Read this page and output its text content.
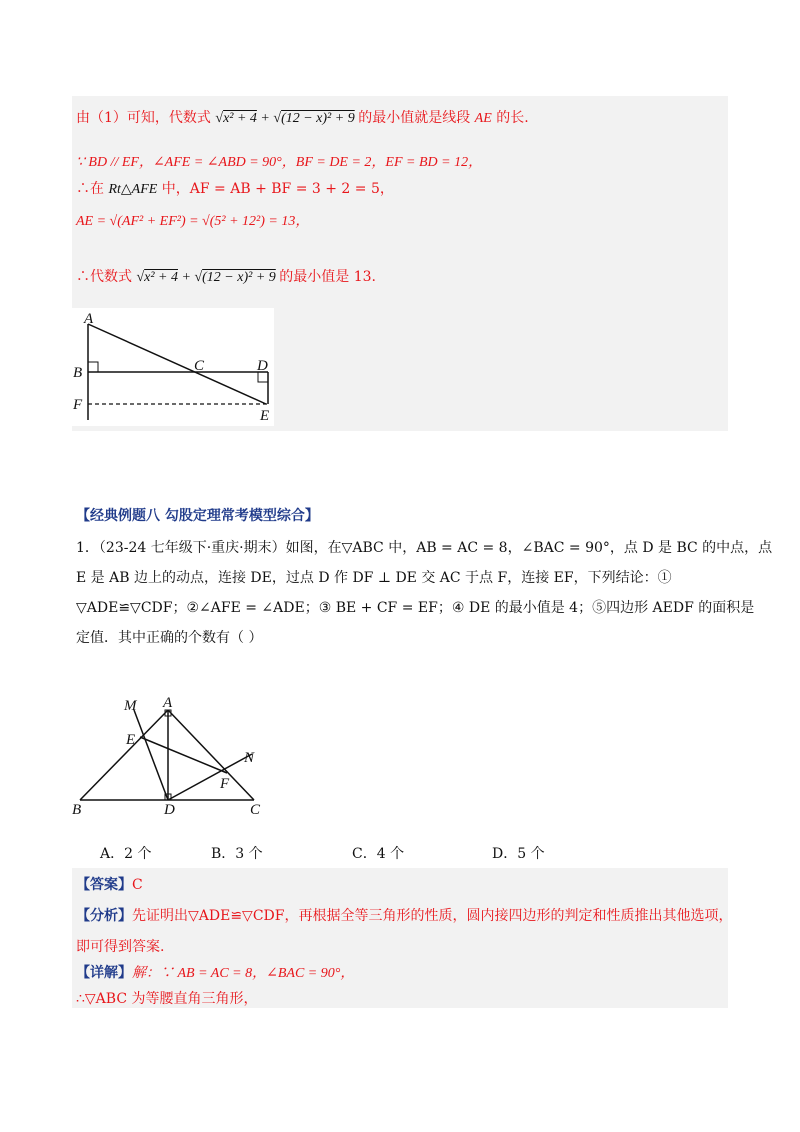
由（1）可知，代数式 √x² + 4 + √(12 − x)² + 9 的最小值就是线段 AE 的长.
∵ BD // EF，∠AFE = ∠ABD = 90°，BF = DE = 2，EF = BD = 12，
∴在 Rt△AFE 中，AF = AB + BF = 3 + 2 = 5，
AE = √(AF² + EF²) = √(5² + 12²) = 13，
∴代数式 √x² + 4 + √(12 − x)² + 9 的最小值是 13.
A
B	C	D
F
E
【经典例题八 勾股定理常考模型综合】
1．（23-24 七年级下·重庆·期末）如图，在▽ABC 中，AB = AC = 8，∠BAC = 90°，点 D 是 BC 的中点，点
E 是 AB 边上的动点，连接 DE，过点 D 作 DF ⊥ DE 交 AC 于点 F，连接 EF，下列结论：①
▽ADE≌▽CDF；②∠AFE = ∠ADE；③ BE + CF = EF；④ DE 的最小值是 4；⑤四边形 AEDF 的面积是
定值．其中正确的个数有（ ）
M A
E
N
F
B	D	C
A．2 个	B．3 个	C．4 个	D．5 个
【答案】C
【分析】先证明出▽ADE≌▽CDF，再根据全等三角形的性质，圆内接四边形的判定和性质推出其他选项，
即可得到答案.
【详解】解：∵ AB = AC = 8，∠BAC = 90°，
∴▽ABC 为等腰直角三角形，
